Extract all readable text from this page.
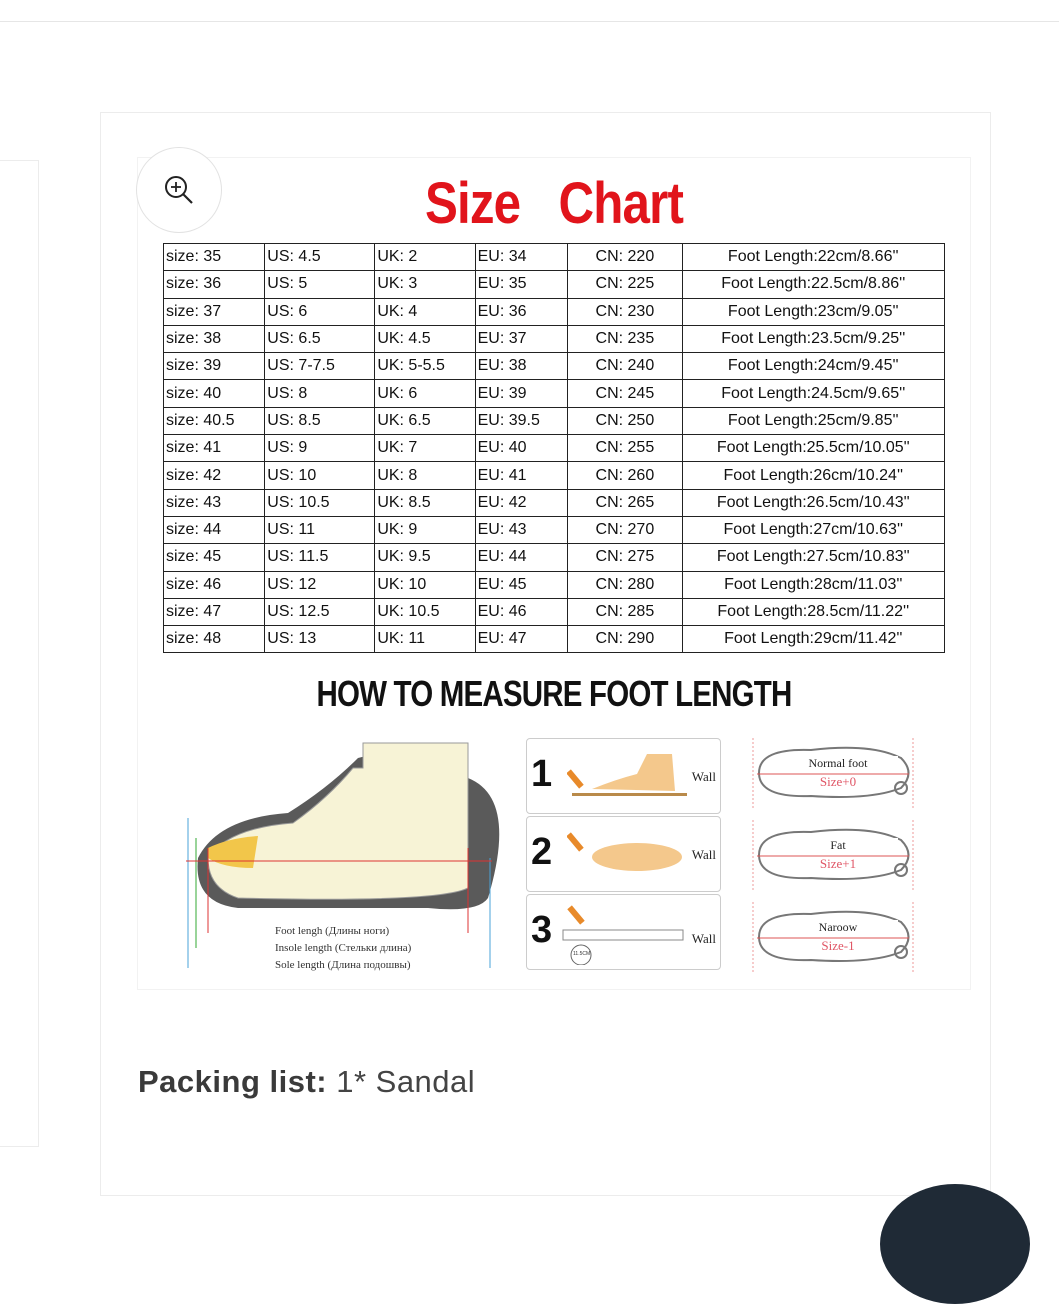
Size Chart
size: 35	US: 4.5	UK: 2	EU: 34	CN: 220	Foot Length:22cm/8.66''
size: 36	US: 5	UK: 3	EU: 35	CN: 225	Foot Length:22.5cm/8.86''
size: 37	US: 6	UK: 4	EU: 36	CN: 230	Foot Length:23cm/9.05''
size: 38	US: 6.5	UK: 4.5	EU: 37	CN: 235	Foot Length:23.5cm/9.25''
size: 39	US: 7-7.5	UK: 5-5.5	EU: 38	CN: 240	Foot Length:24cm/9.45''
size: 40	US: 8	UK: 6	EU: 39	CN: 245	Foot Length:24.5cm/9.65''
size: 40.5	US: 8.5	UK: 6.5	EU: 39.5	CN: 250	Foot Length:25cm/9.85''
size: 41	US: 9	UK: 7	EU: 40	CN: 255	Foot Length:25.5cm/10.05''
size: 42	US: 10	UK: 8	EU: 41	CN: 260	Foot Length:26cm/10.24''
size: 43	US: 10.5	UK: 8.5	EU: 42	CN: 265	Foot Length:26.5cm/10.43''
size: 44	US: 11	UK: 9	EU: 43	CN: 270	Foot Length:27cm/10.63''
size: 45	US: 11.5	UK: 9.5	EU: 44	CN: 275	Foot Length:27.5cm/10.83''
size: 46	US: 12	UK: 10	EU: 45	CN: 280	Foot Length:28cm/11.03''
size: 47	US: 12.5	UK: 10.5	EU: 46	CN: 285	Foot Length:28.5cm/11.22''
size: 48	US: 13	UK: 11	EU: 47	CN: 290	Foot Length:29cm/11.42''
HOW TO MEASURE FOOT LENGTH
Foot lengh (Длины ноги)
Insole length (Стельки длина)
Sole length (Длина подошвы)
1	Wall
2	Wall
3
11.5CM
Wall
Normal foot
Size+0
Fat
Size+1
Naroow
Size-1
Packing list: 1* Sandal
